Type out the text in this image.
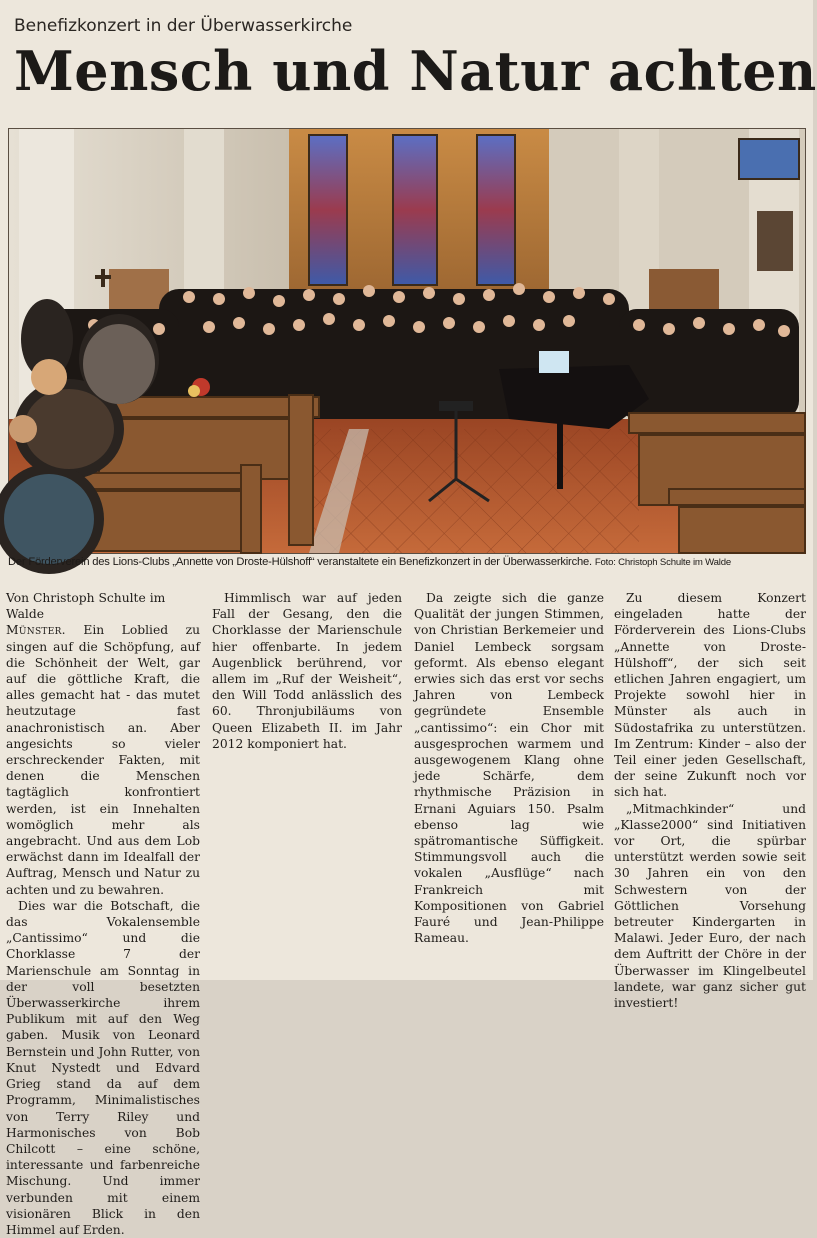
Benefizkonzert in der Überwasserkirche
Mensch und Natur achten
Der Förderverein des Lions-Clubs „Annette von Droste-Hülshoff“ veranstaltete ein Benefizkonzert in der Überwasserkirche. Foto: Christoph Schulte im Walde

Von Christoph Schulte im Walde

Münster. Ein Loblied zu singen auf die Schöpfung, auf die Schönheit der Welt, gar auf die göttliche Kraft, die alles gemacht hat - das mutet heutzutage fast anachronistisch an. Aber angesichts so vieler erschreckender Fakten, mit denen die Menschen tagtäglich konfrontiert werden, ist ein Innehalten womöglich mehr als angebracht. Und aus dem Lob erwächst dann im Idealfall der Auftrag, Mensch und Natur zu achten und zu bewahren.

Dies war die Botschaft, die das Vokalensemble „Cantissimo“ und die Chorklasse 7 der Marienschule am Sonntag in der voll besetzten Überwasserkirche ihrem Publikum mit auf den Weg gaben. Musik von Leonard Bernstein und John Rutter, von Knut Nystedt und Edvard Grieg stand da auf dem Programm, Minimalistisches von Terry Riley und Harmonisches von Bob Chilcott – eine schöne, interessante und farbenreiche Mischung. Und immer verbunden mit einem visionären Blick in den Himmel auf Erden.

Himmlisch war auf jeden Fall der Gesang, den die Chorklasse der Marienschule hier offenbarte. In jedem Augenblick berührend, vor allem im „Ruf der Weisheit“, den Will Todd anlässlich des 60. Thronjubiläums von Queen Elizabeth II. im Jahr 2012 komponiert hat.

Da zeigte sich die ganze Qualität der jungen Stimmen, von Christian Berkemeier und Daniel Lembeck sorgsam geformt. Als ebenso elegant erwies sich das erst vor sechs Jahren von Lembeck gegründete Ensemble „cantissimo“: ein Chor mit ausgesprochen warmem und ausgewogenem Klang ohne jede Schärfe, dem rhythmische Präzision in Ernani Aguiars 150. Psalm ebenso lag wie spätromantische Süffigkeit. Stimmungsvoll auch die vokalen „Ausflüge“ nach Frankreich mit Kompositionen von Gabriel Fauré und Jean-Philippe Rameau.

Zu diesem Konzert eingeladen hatte der Förderverein des Lions-Clubs „Annette von Droste-Hülshoff“, der sich seit etlichen Jahren engagiert, um Projekte sowohl hier in Münster als auch in Südostafrika zu unterstützen. Im Zentrum: Kinder – also der Teil einer jeden Gesellschaft, der seine Zukunft noch vor sich hat.

„Mitmachkinder“ und „Klasse2000“ sind Initiativen vor Ort, die spürbar unterstützt werden sowie seit 30 Jahren ein von den Schwestern von der Göttlichen Vorsehung betreuter Kindergarten in Malawi. Jeder Euro, der nach dem Auftritt der Chöre in der Überwasser im Klingelbeutel landete, war ganz sicher gut investiert!
